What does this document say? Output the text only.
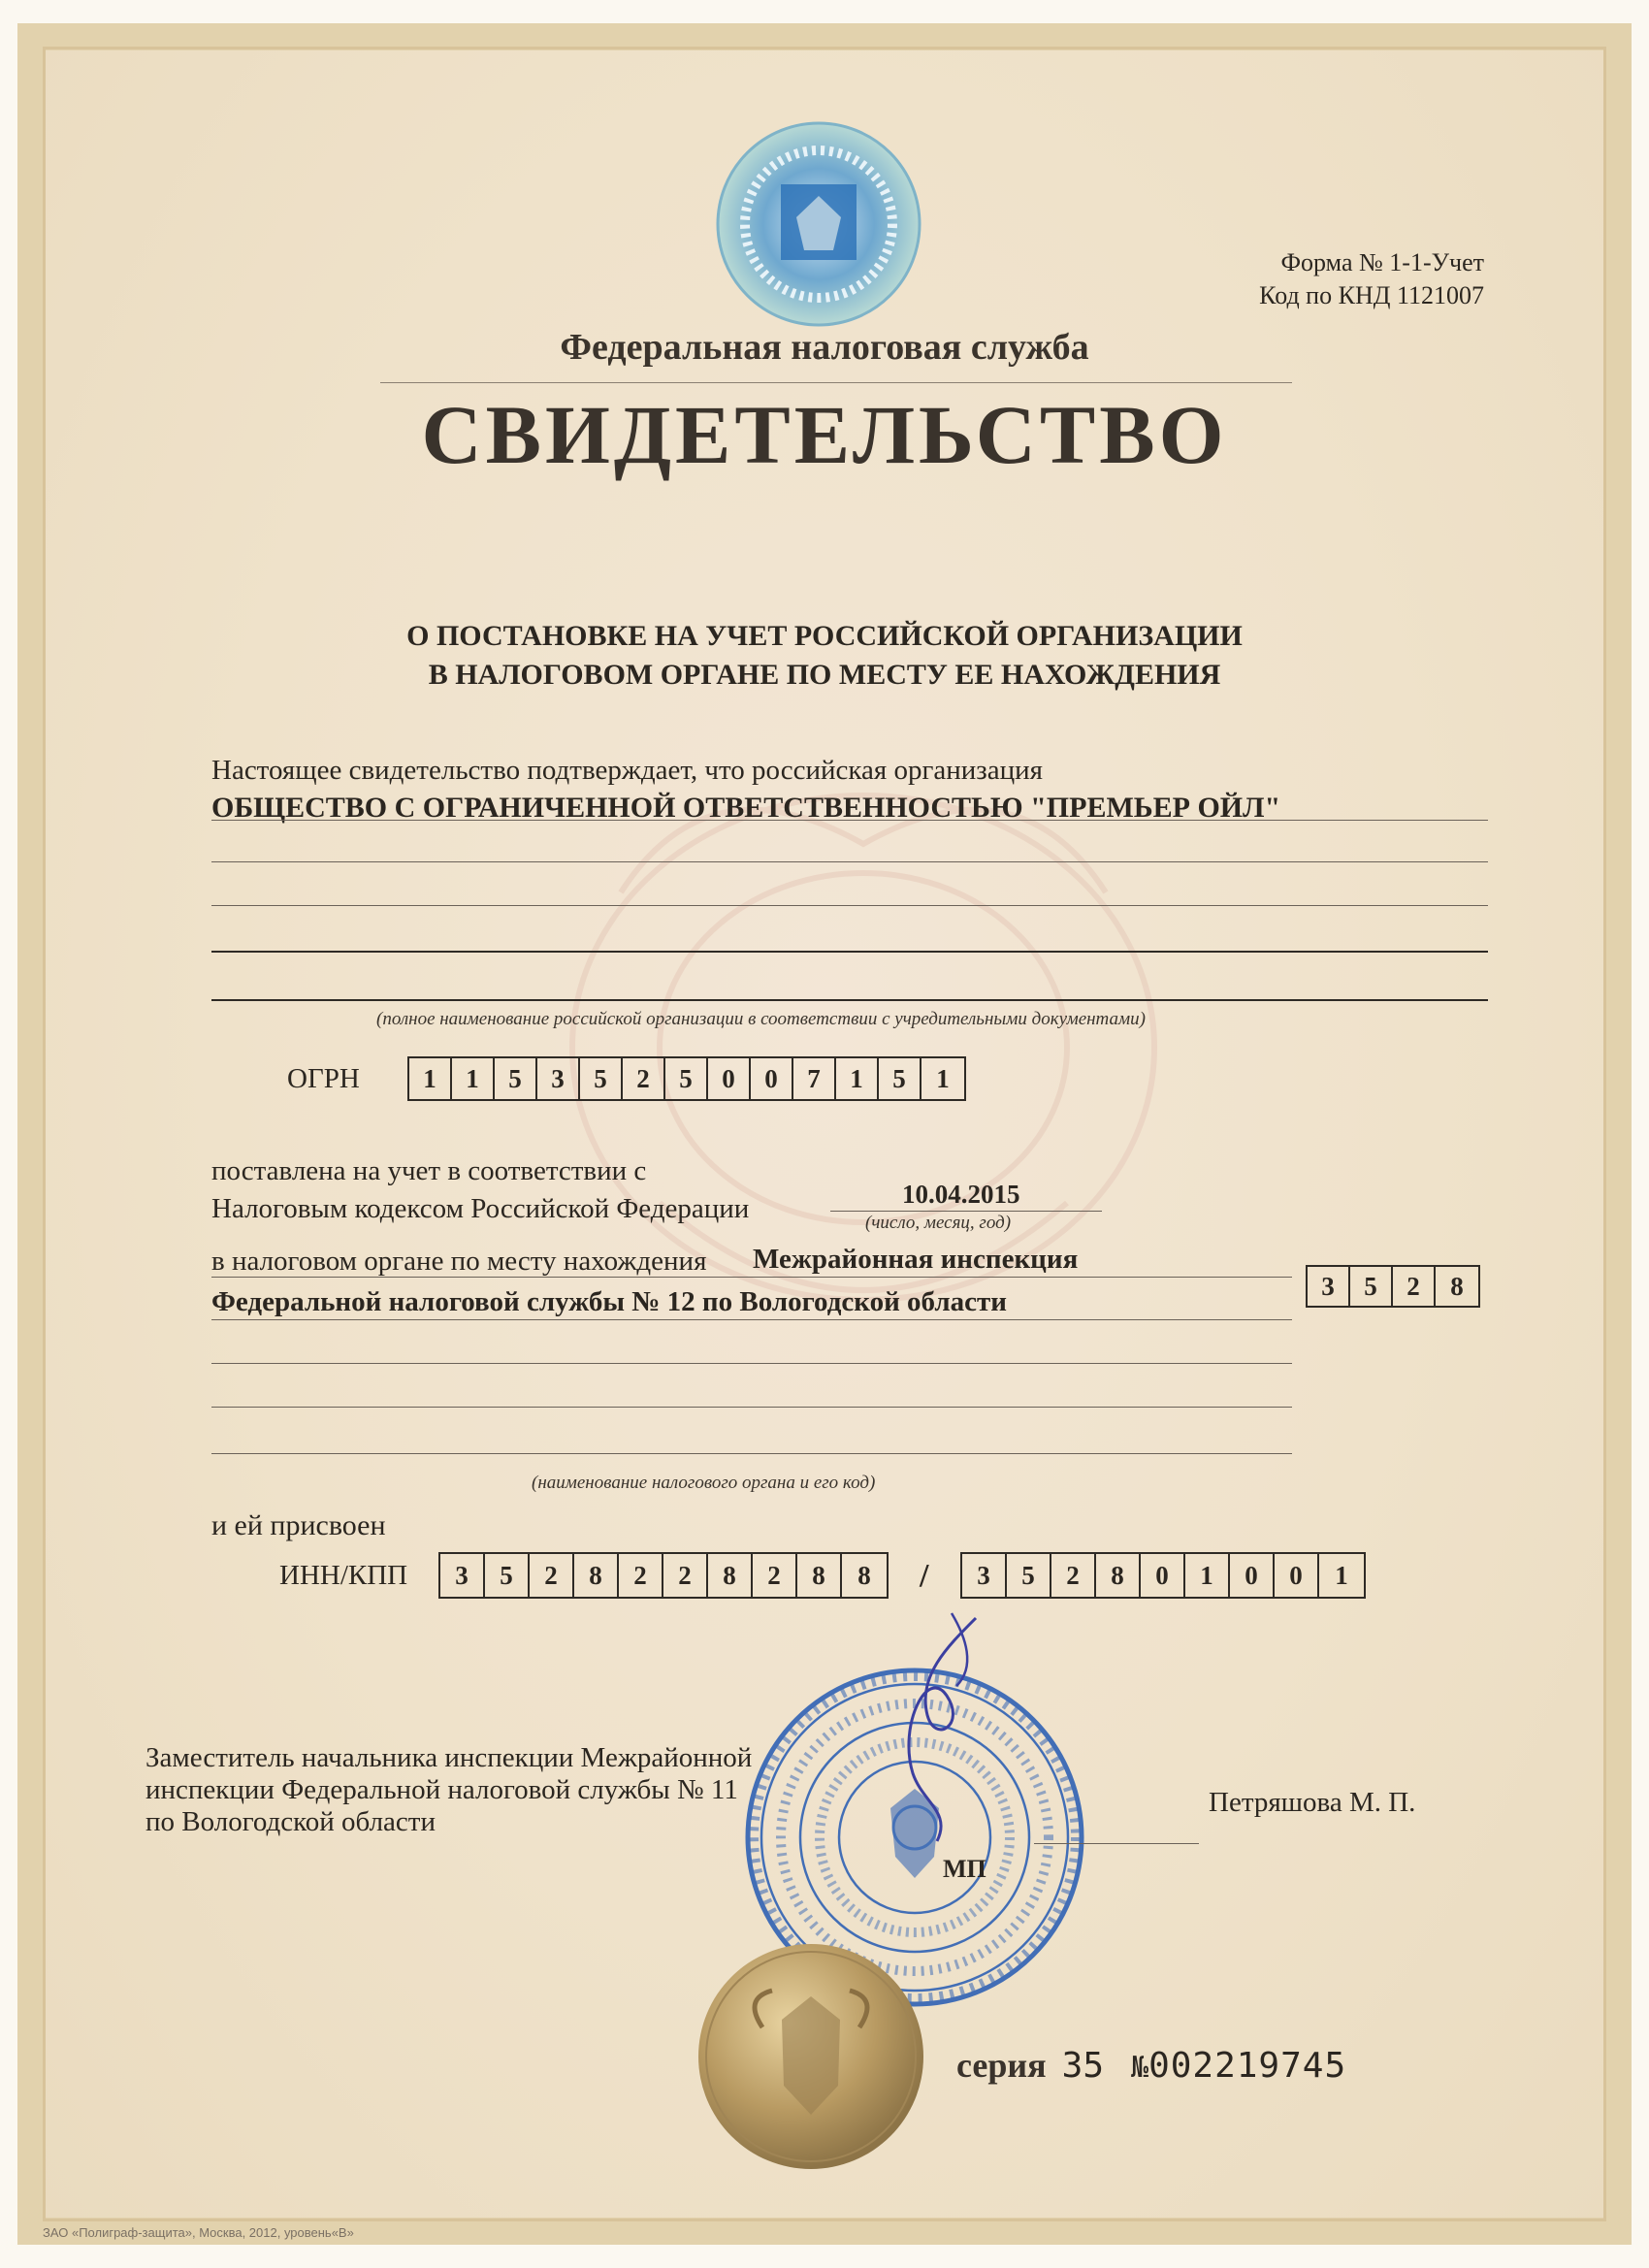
Форма № 1-1-Учет
Код по КНД 1121007
Федеральная налоговая служба
СВИДЕТЕЛЬСТВО
О ПОСТАНОВКЕ НА УЧЕТ РОССИЙСКОЙ ОРГАНИЗАЦИИ
В НАЛОГОВОМ ОРГАНЕ ПО МЕСТУ ЕЕ НАХОЖДЕНИЯ
Настоящее свидетельство подтверждает, что российская организация
ОБЩЕСТВО С ОГРАНИЧЕННОЙ ОТВЕТСТВЕННОСТЬЮ "ПРЕМЬЕР ОЙЛ"
(полное наименование российской организации в соответствии с учредительными документами)
ОГРН	1	1	5	3	5	2	5	0	0	7	1	5	1
поставлена на учет в соответствии с
Налоговым кодексом Российской Федерации	10.04.2015
(число, месяц, год)
в налоговом органе по месту нахождения Межрайонная инспекция
Федеральной налоговой службы № 12 по Вологодской области	3	5	2	8
(наименование налогового органа и его код)
и ей присвоен
ИНН/КПП	3	5	2	8	2	2	8	2	8	8	/	3	5	2	8	0	1	0	0	1
Заместитель начальника инспекции Межрайонной
инспекции Федеральной налоговой службы № 11
по Вологодской области
Петряшова М. П.
МП
серия 35 № 002219745
ЗАО «Полиграф-защита», Москва, 2012, уровень«В»
